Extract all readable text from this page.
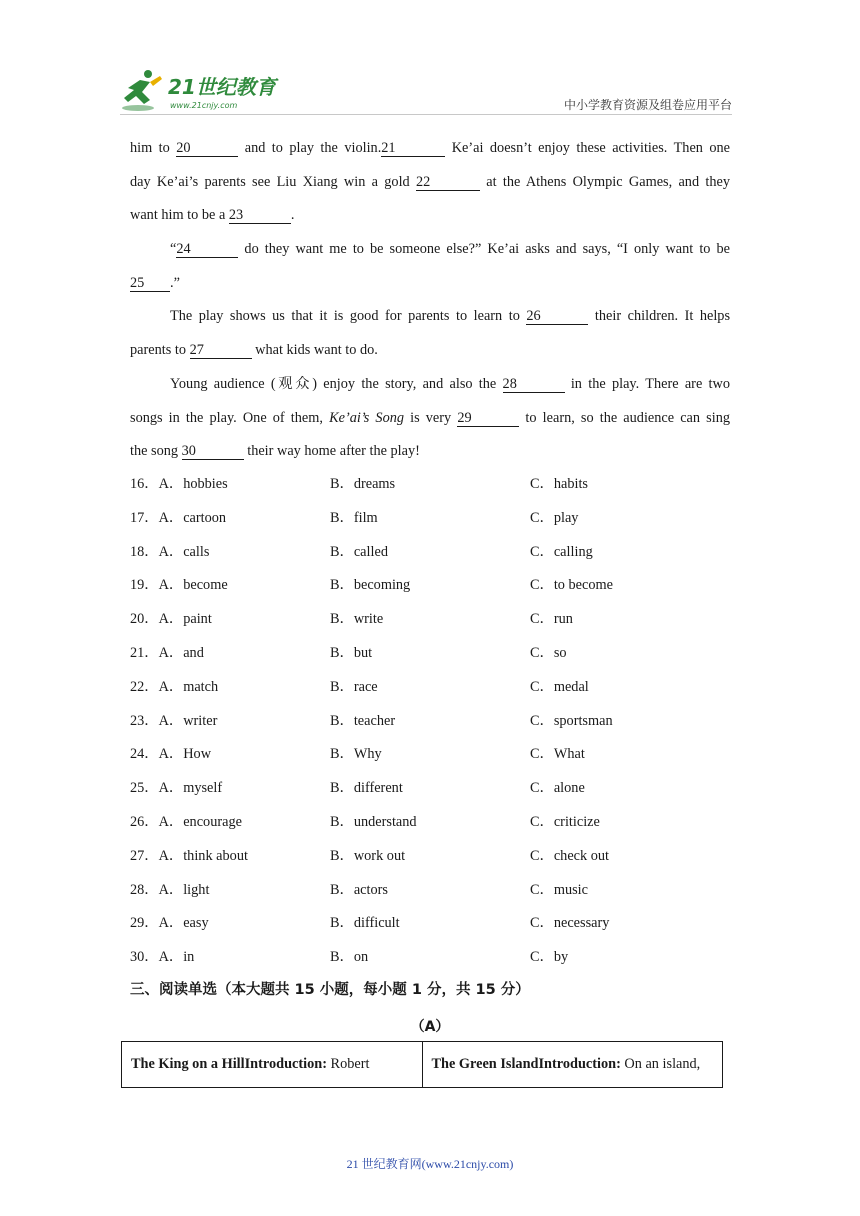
21世纪教育
www.21cnjy.com	中小学教育资源及组卷应用平台
him to 20	and to play the violin.21	Ke’ai doesn’t enjoy these activities. Then one
day Ke’ai’s parents see Liu Xiang win a gold 22	at the Athens Olympic Games, and they
want him to be a 23	.
“24	do they want me to be someone else?” Ke’ai asks and says, “I only want to be
25 .”
The play shows us that it is good for parents to learn to 26	their children. It helps
parents to 27	what kids want to do.
Young audience (观众) enjoy the story, and also the 28	in the play. There are two
songs in the play. One of them, Ke’ai’s Song is very 29	to learn, so the audience can sing
the song 30	their way home after the play!
16．A．hobbies	B．dreams	C．habits
17．A．cartoon	B．film	C．play
18．A．calls	B．called	C．calling
19．A．become	B．becoming	C．to become
20．A．paint	B．write	C．run
21．A．and	B．but	C．so
22．A．match	B．race	C．medal
23．A．writer	B．teacher	C．sportsman
24．A．How	B．Why	C．What
25．A．myself	B．different	C．alone
26．A．encourage	B．understand	C．criticize
27．A．think about	B．work out	C．check out
28．A．light	B．actors	C．music
29．A．easy	B．difficult	C．necessary
30．A．in	B．on	C．by
三、阅读单选（本大题共 15 小题，每小题 1 分，共 15 分）
（A）
The King on a HillIntroduction: Robert	The Green IslandIntroduction: On an island,
21 世纪教育网(www.21cnjy.com)
